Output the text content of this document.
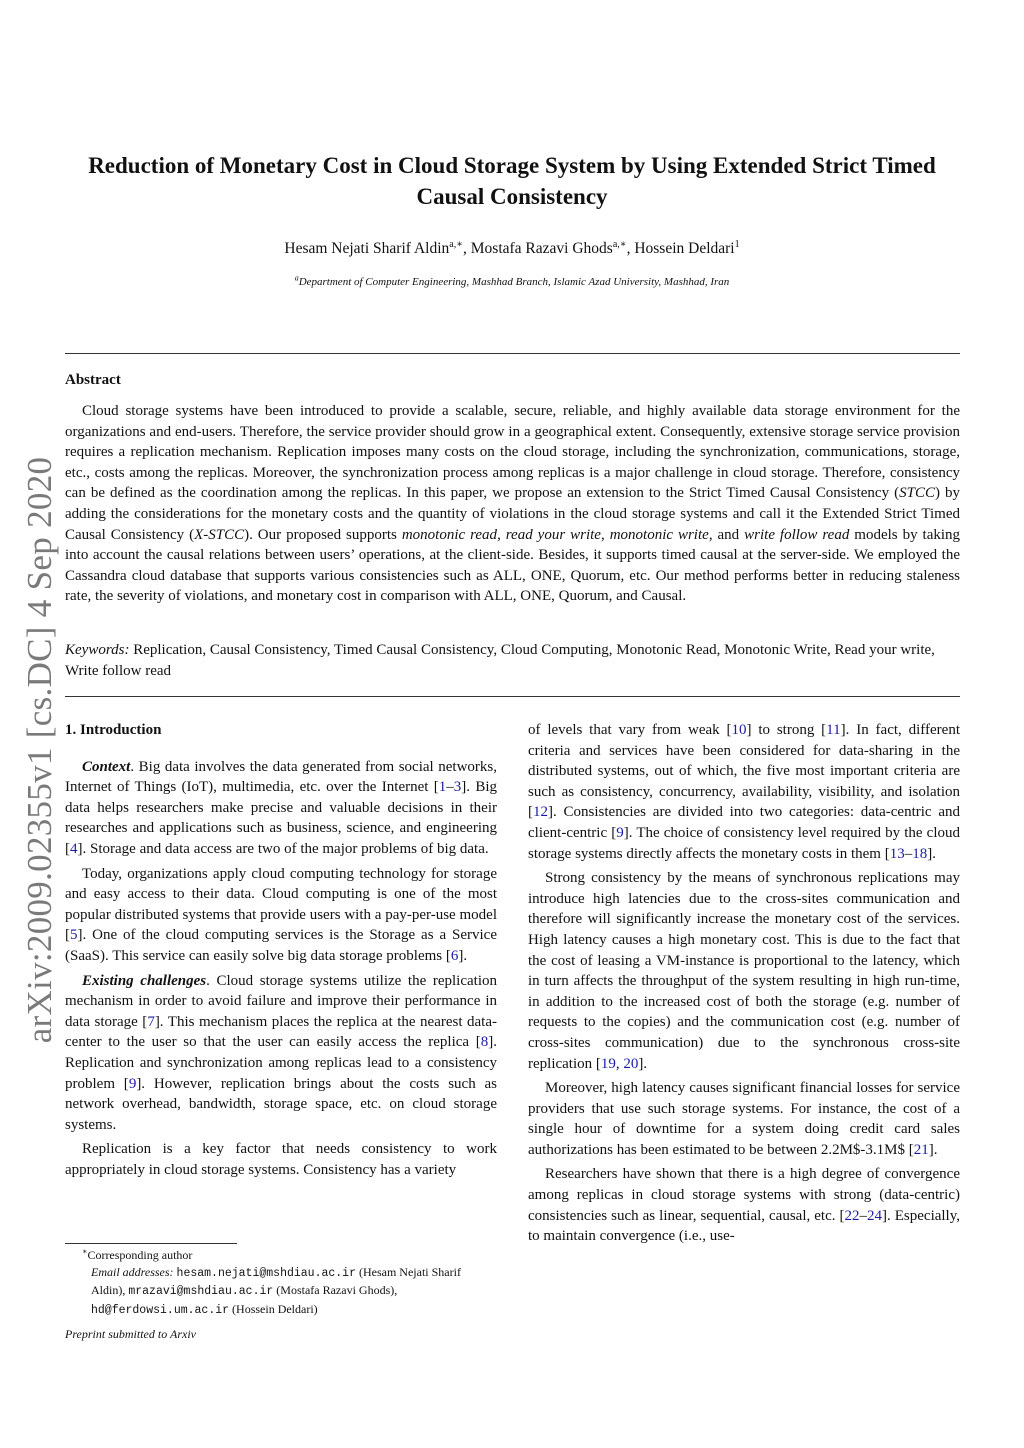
arXiv:2009.02355v1 [cs.DC] 4 Sep 2020
Reduction of Monetary Cost in Cloud Storage System by Using Extended Strict Timed Causal Consistency
Hesam Nejati Sharif Aldin$^{a,∗}$, Mostafa Razavi Ghods$^{a,∗}$, Hossein Deldari$^1$
$^a$Department of Computer Engineering, Mashhad Branch, Islamic Azad University, Mashhad, Iran
Abstract

Cloud storage systems have been introduced to provide a scalable, secure, reliable, and highly available data storage environment for the organizations and end-users. Therefore, the service provider should grow in a geographical extent. Consequently, extensive storage service provision requires a replication mechanism. Replication imposes many costs on the cloud storage, including the synchronization, communications, storage, etc., costs among the replicas. Moreover, the synchronization process among replicas is a major challenge in cloud storage. Therefore, consistency can be defined as the coordination among the replicas. In this paper, we propose an extension to the Strict Timed Causal Consistency (STCC) by adding the considerations for the monetary costs and the quantity of violations in the cloud storage systems and call it the Extended Strict Timed Causal Consistency (X-STCC). Our proposed supports monotonic read, read your write, monotonic write, and write follow read models by taking into account the causal relations between users’ operations, at the client-side. Besides, it supports timed causal at the server-side. We employed the Cassandra cloud database that supports various consistencies such as ALL, ONE, Quorum, etc. Our method performs better in reducing staleness rate, the severity of violations, and monetary cost in comparison with ALL, ONE, Quorum, and Causal.

Keywords: Replication, Causal Consistency, Timed Causal Consistency, Cloud Computing, Monotonic Read, Monotonic Write, Read your write, Write follow read

1. Introduction

Context. Big data involves the data generated from social networks, Internet of Things (IoT), multimedia, etc. over the Internet [1–3]. Big data helps researchers make precise and valuable decisions in their researches and applications such as business, science, and engineering [4]. Storage and data access are two of the major problems of big data.

Today, organizations apply cloud computing technology for storage and easy access to their data. Cloud computing is one of the most popular distributed systems that provide users with a pay-per-use model [5]. One of the cloud computing services is the Storage as a Service (SaaS). This service can easily solve big data storage problems [6].

Existing challenges. Cloud storage systems utilize the replication mechanism in order to avoid failure and improve their performance in data storage [7]. This mechanism places the replica at the nearest data-center to the user so that the user can easily access the replica [8]. Replication and synchronization among replicas lead to a consistency problem [9]. However, replication brings about the costs such as network overhead, bandwidth, storage space, etc. on cloud storage systems.

Replication is a key factor that needs consistency to work appropriately in cloud storage systems. Consistency has a variety

of levels that vary from weak [10] to strong [11]. In fact, different criteria and services have been considered for data-sharing in the distributed systems, out of which, the five most important criteria are such as consistency, concurrency, availability, visibility, and isolation [12]. Consistencies are divided into two categories: data-centric and client-centric [9]. The choice of consistency level required by the cloud storage systems directly affects the monetary costs in them [13–18].

Strong consistency by the means of synchronous replications may introduce high latencies due to the cross-sites communication and therefore will significantly increase the monetary cost of the services. High latency causes a high monetary cost. This is due to the fact that the cost of leasing a VM-instance is proportional to the latency, which in turn affects the throughput of the system resulting in high run-time, in addition to the increased cost of both the storage (e.g. number of requests to the copies) and the communication cost (e.g. number of cross-sites communication) due to the synchronous cross-site replication [19, 20].

Moreover, high latency causes significant financial losses for service providers that use such storage systems. For instance, the cost of a single hour of downtime for a system doing credit card sales authorizations has been estimated to be between 2.2M$-3.1M$ [21].

Researchers have shown that there is a high degree of convergence among replicas in cloud storage systems with strong (data-centric) consistencies such as linear, sequential, causal, etc. [22–24]. Especially, to maintain convergence (i.e., use-

∗Corresponding author
Email addresses: hesam.nejati@mshdiau.ac.ir (Hesam Nejati Sharif Aldin), mrazavi@mshdiau.ac.ir (Mostafa Razavi Ghods), hd@ferdowsi.um.ac.ir (Hossein Deldari)
Preprint submitted to Arxiv
